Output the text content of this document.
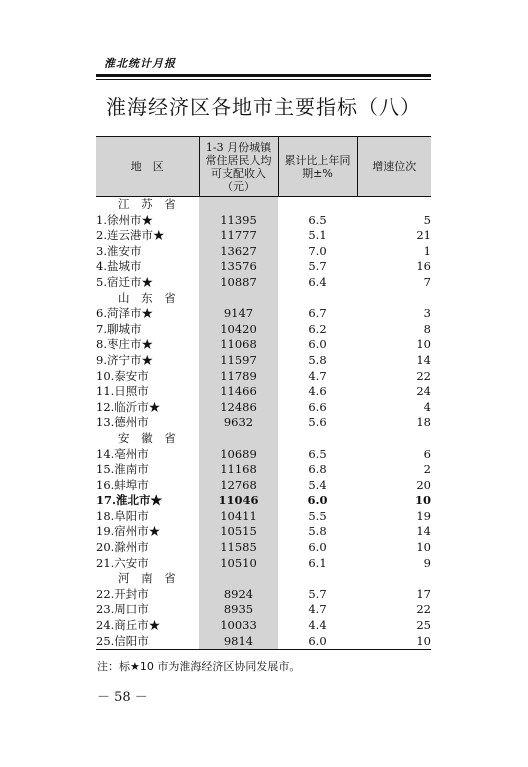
淮北统计月报
淮海经济区各地市主要指标（八）
地　区	1-3 月份城镇常住居民人均可支配收入（元）	累计比上年同期±%	增速位次
江 苏 省			
1.徐州市★	11395	6.5	5
2.连云港市★	11777	5.1	21
3.淮安市	13627	7.0	1
4.盐城市	13576	5.7	16
5.宿迁市★	10887	6.4	7
山 东 省			
6.菏泽市★	9147	6.7	3
7.聊城市	10420	6.2	8
8.枣庄市★	11068	6.0	10
9.济宁市★	11597	5.8	14
10.泰安市	11789	4.7	22
11.日照市	11466	4.6	24
12.临沂市★	12486	6.6	4
13.德州市	9632	5.6	18
安 徽 省			
14.亳州市	10689	6.5	6
15.淮南市	11168	6.8	2
16.蚌埠市	12768	5.4	20
17.淮北市★	11046	6.0	10
18.阜阳市	10411	5.5	19
19.宿州市★	10515	5.8	14
20.滁州市	11585	6.0	10
21.六安市	10510	6.1	9
河 南 省			
22.开封市	8924	5.7	17
23.周口市	8935	4.7	22
24.商丘市★	10033	4.4	25
25.信阳市	9814	6.0	10
注：标★10 市为淮海经济区协同发展市。
－ 58 －
